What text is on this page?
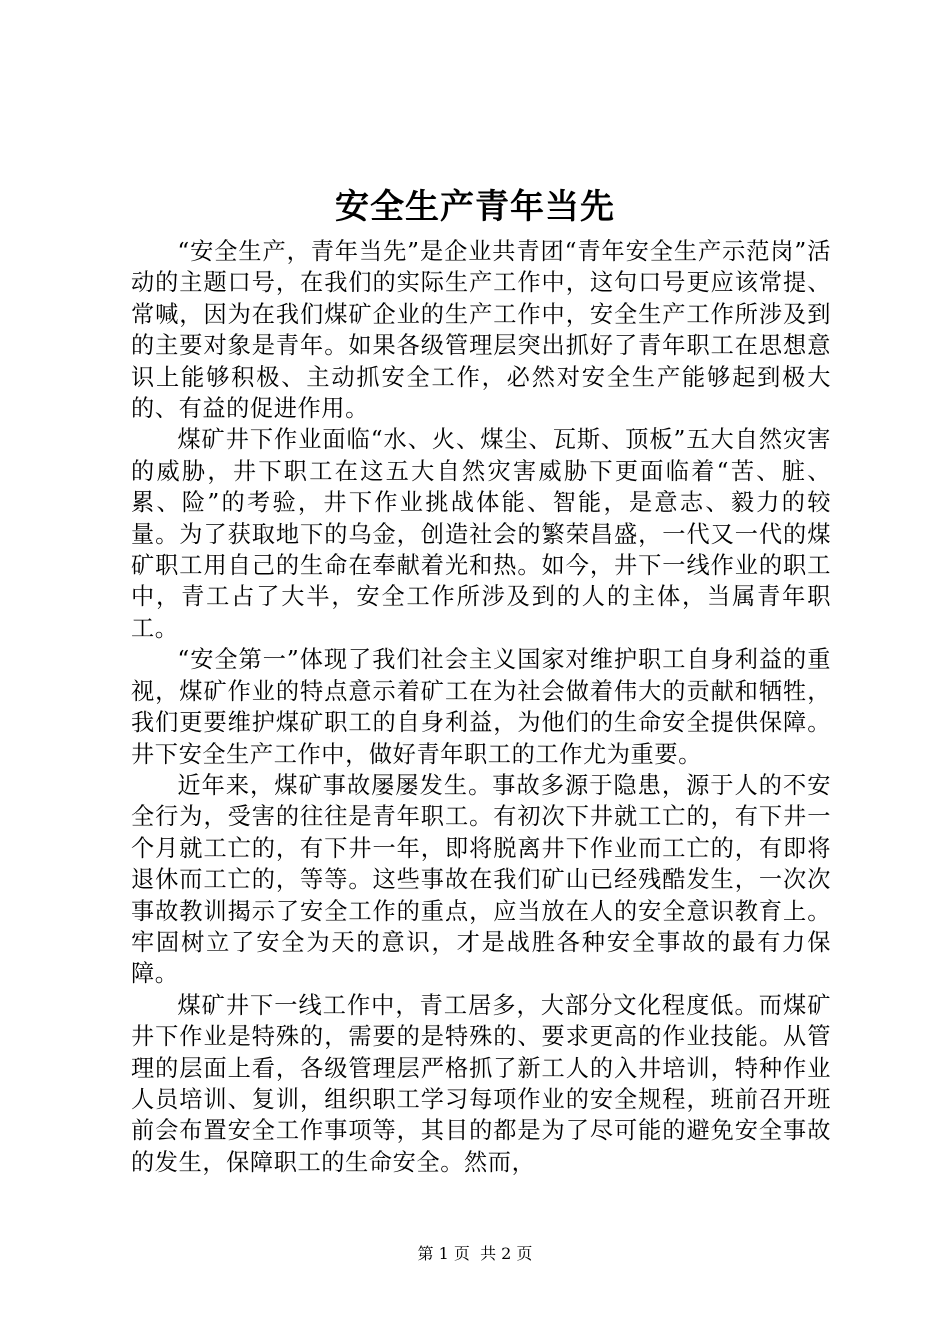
安全生产青年当先

“安全生产，青年当先”是企业共青团“青年安全生产示范岗”活动的主题口号，在我们的实际生产工作中，这句口号更应该常提、常喊，因为在我们煤矿企业的生产工作中，安全生产工作所涉及到的主要对象是青年。如果各级管理层突出抓好了青年职工在思想意识上能够积极、主动抓安全工作，必然对安全生产能够起到极大的、有益的促进作用。

煤矿井下作业面临“水、火、煤尘、瓦斯、顶板”五大自然灾害的威胁，井下职工在这五大自然灾害威胁下更面临着“苦、脏、累、险”的考验，井下作业挑战体能、智能，是意志、毅力的较量。为了获取地下的乌金，创造社会的繁荣昌盛，一代又一代的煤矿职工用自己的生命在奉献着光和热。如今，井下一线作业的职工中，青工占了大半，安全工作所涉及到的人的主体，当属青年职工。

“安全第一”体现了我们社会主义国家对维护职工自身利益的重视，煤矿作业的特点意示着矿工在为社会做着伟大的贡献和牺牲，我们更要维护煤矿职工的自身利益，为他们的生命安全提供保障。井下安全生产工作中，做好青年职工的工作尤为重要。

近年来，煤矿事故屡屡发生。事故多源于隐患，源于人的不安全行为，受害的往往是青年职工。有初次下井就工亡的，有下井一个月就工亡的，有下井一年，即将脱离井下作业而工亡的，有即将退休而工亡的，等等。这些事故在我们矿山已经残酷发生，一次次事故教训揭示了安全工作的重点，应当放在人的安全意识教育上。牢固树立了安全为天的意识，才是战胜各种安全事故的最有力保障。

煤矿井下一线工作中，青工居多，大部分文化程度低。而煤矿井下作业是特殊的，需要的是特殊的、要求更高的作业技能。从管理的层面上看，各级管理层严格抓了新工人的入井培训，特种作业人员培训、复训，组织职工学习每项作业的安全规程，班前召开班前会布置安全工作事项等，其目的都是为了尽可能的避免安全事故的发生，保障职工的生命安全。然而，

第 1 页  共 2 页
